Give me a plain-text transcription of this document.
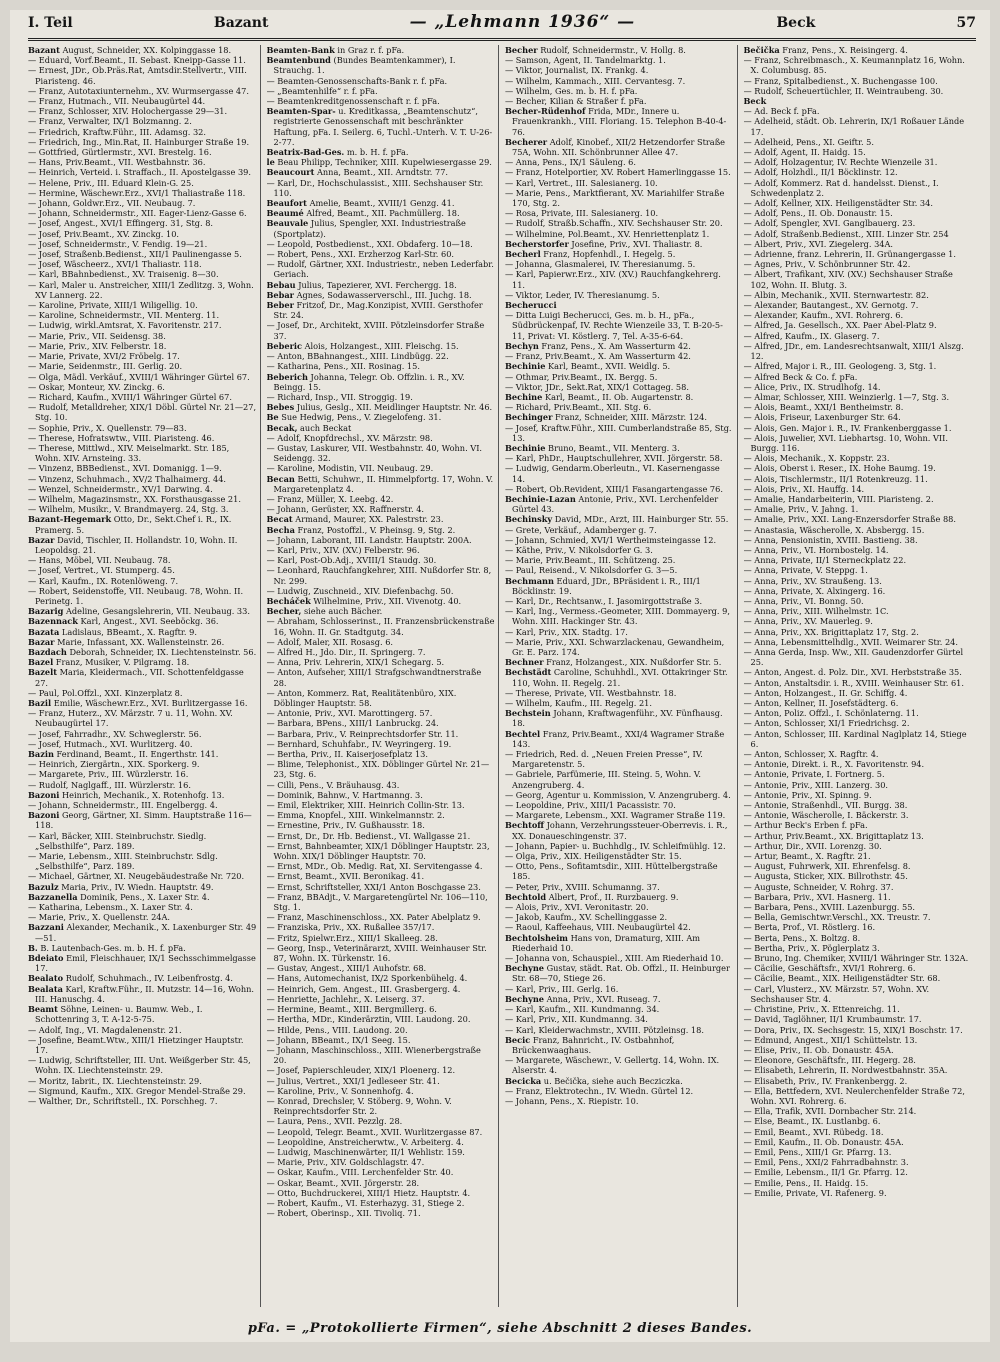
I. Teil	Bazant	— „Lehmann 1936“ —	Beck	57
Bazant August, Schneider, XX. Kolpinggasse 18.
— Eduard, Vorf.Beamt., II. Sebast. Kneipp-Gasse 11.
— Ernest, JDr., Ob.Präs.Rat, Amtsdir.Stellvertr., VIII. Piaristeng. 46.
— Franz, Autotaxiunternehm., XV. Wurmsergasse 47.
— Franz, Hutmach., VII. Neubaugürtel 44.
— Franz, Schlosser, XIV. Holochergasse 29—31.
— Franz, Verwalter, IX/1 Bolzmanng. 2.
— Friedrich, Kraftw.Führ., III. Adamsg. 32.
— Friedrich, Ing., Min.Rat, II. Hainburger Straße 19.
— Gottfried, Gürtlermstr., XVI. Brestelg. 16.
— Hans, Priv.Beamt., VII. Westbahnstr. 36.
— Heinrich, Verteid. i. Straffach., II. Apostelgasse 39.
— Helene, Priv., III. Eduard Klein-G. 25.
— Hermine, Wäschewr.Erz., XVI/1 Thaliastraße 118.
— Johann, Goldwr.Erz., VII. Neubaug. 7.
— Johann, Schneidermstr., XII. Eager-Lienz-Gasse 6.
— Josef, Angest., XVI/1 Effingerg. 31, Stg. 8.
— Josef, Priv.Beamt., XV. Zinckg. 10.
— Josef, Schneidermstr., V. Fendig. 19—21.
— Josef, Straßenb.Bedienst., XII/1 Paulinengasse 5.
— Josef, Wäscheerz., XVI/1 Thaliastr. 118.
— Karl, BBahnbedienst., XV. Traisenig. 8—30.
— Karl, Maler u. Anstreicher, XIII/1 Zedlitzg. 3, Wohn. XV Lannerg. 22.
— Karoline, Private, XIII/1 Wiligellig. 10.
— Karoline, Schneidermstr., VII. Menterg. 11.
— Ludwig, wirkl.Amtsrat, X. Favoritenstr. 217.
— Marie, Priv., VII. Seidensg. 38.
— Marie, Priv., XIV. Felberstr. 18.
— Marie, Private, XVI/2 Fröbelg. 17.
— Marie, Seidenmstr., III. Gerlig. 20.
— Olga, Mädl. Verkäuf., XVIII/1 Währinger Gürtel 67.
— Oskar, Monteur, XV. Zinckg. 6.
— Richard, Kaufm., XVIII/1 Währinger Gürtel 67.
— Rudolf, Metalldreher, XIX/1 Döbl. Gürtel Nr. 21—27, Stg. 10.
— Sophie, Priv., X. Quellenstr. 79—83.
— Therese, Hofratswtw., VIII. Piaristeng. 46.
— Therese, Mittlwd., XIV. Meiselmarkt. Str. 185, Wohn. XIV. Arnsteing. 33.
— Vinzenz, BBBedienst., XVI. Domanigg. 1—9.
— Vinzenz, Schuhmach., XV/2 Thalhaimerg. 44.
— Wenzel, Schneidermstr., XV/1 Darwing. 4.
— Wilhelm, Magazinsmstr., XX. Forsthausgasse 21.
— Wilhelm, Musikr., V. Brandmayerg. 24, Stg. 3.
Bazant-Hegemark Otto, Dr., Sekt.Chef i. R., IX. Pramerg. 5.
Bazar David, Tischler, II. Hollandstr. 10, Wohn. II. Leopoldsg. 21.
— Hans, Möbel, VII. Neubaug. 78.
— Josef, Vertret., VI. Stumperg. 45.
— Karl, Kaufm., IX. Rotenlöweng. 7.
— Robert, Seidenstoffe, VII. Neubaug. 78, Wohn. II. Perinetg. 1.
Bazarig Adeline, Gesangslehrerin, VII. Neubaug. 33.
Bazennack Karl, Angest., XVI. Seeböckg. 36.
Bazata Ladislaus, BBeamt., X. Ragftr. 9.
Bazar Marie, Infassant, XX. Wallensteinstr. 26.
Bazdach Deborah, Schneider, IX. Liechtensteinstr. 56.
Bazel Franz, Musiker, V. Pilgramg. 18.
Bazelt Maria, Kleidermach., VII. Schottenfeldgasse 27.
— Paul, Pol.Offzl., XXI. Kinzerplatz 8.
Bazil Emilie, Wäschewr.Erz., XVI. Burlitzergasse 16.
— Franz, Huterz., XV. Märzstr. 7 u. 11, Wohn. XV. Neubaugürtel 17.
— Josef, Fahrradhr., XV. Schweglerstr. 56.
— Josef, Hutmach., XVI. Wurlitzerg. 40.
Bazin Ferdinand, Beamt., II. Engerthstr. 141.
— Heinrich, Ziergärtn., XIX. Sporkerg. 9.
— Margarete, Priv., III. Würzlerstr. 16.
— Rudolf, Naglgaff., III. Würzlerstr. 16.
Bazoni Heinrich, Mechanik., X. Rotenhofg. 13.
— Johann, Schneidermstr., III. Engelbergg. 4.
Bazoni Georg, Gärtner, XI. Simm. Hauptstraße 116—118.
— Karl, Bäcker, XIII. Steinbruchstr. Siedlg. „Selbsthilfe“, Parz. 189.
— Marie, Lebensm., XIII. Steinbruchstr. Sdlg. „Selbsthilfe“, Parz. 189.
— Michael, Gärtner, XI. Neugebäudestraße Nr. 720.
Bazulz Maria, Priv., IV. Wiedn. Hauptstr. 49.
Bazzanella Dominik, Pens., X. Laxer Str. 4.
— Katharina, Lebensm., X. Laxer Str. 4.
— Marie, Priv., X. Quellenstr. 24A.
Bazzani Alexander, Mechanik., X. Laxenburger Str. 49—51.
B. B. Lautenbach-Ges. m. b. H. f. pFa.
Bdeiato Emil, Fleischhauer, IX/1 Sechsschimmelgasse 17.
Bealato Rudolf, Schuhmach., IV. Leibenfrostg. 4.
Bealata Karl, Kraftw.Führ., II. Mutzstr. 14—16, Wohn. III. Hanuschg. 4.
Beamt Söhne, Leinen- u. Baumw. Web., I. Schottenring 3, T. A-12-5-75.
— Adolf, Ing., VI. Magdalenenstr. 21.
— Josefine, Beamt.Wtw., XIII/1 Hietzinger Hauptstr. 17.
— Ludwig, Schriftsteller, III. Unt. Weißgerber Str. 45, Wohn. IX. Liechtensteinstr. 29.
— Moritz, Iabrit., IX. Liechtensteinstr. 29.
— Sigmund, Kaufm., XIX. Gregor Mendel-Straße 29.
— Walther, Dr., Schriftstell., IX. Porschheg. 7.
Beamten-Bank in Graz r. f. pFa.
Beamtenbund (Bundes Beamtenkammer), I. Strauchg. 1.
— Beamten-Genossenschafts-Bank r. f. pFa.
— „Beamtenhilfe“ r. f. pFa.
— Beamtenkreditgenossenschaft r. f. pFa.
Beamten-Spar- u. Kreditkassa, „Beamtenschutz“, registrierte Genossenschaft mit beschränkter Haftung, pFa. I. Seilerg. 6, Tuchl.-Unterh. V. T. U-26-2-77.
Beatrix-Bad-Ges. m. b. H. f. pFa.
le Beau Philipp, Techniker, XIII. Kupelwiesergasse 29.
Beaucourt Anna, Beamt., XII. Arndtstr. 77.
— Karl, Dr., Hochschulassist., XIII. Sechshauser Str. 110.
Beaufort Amelie, Beamt., XVIII/1 Genzg. 41.
Beaumé Alfred, Beamt., XII. Pachmüllerg. 18.
Beauvale Julius, Spengler, XXI. Industriestraße (Sportplatz).
— Leopold, Postbedienst., XXI. Obdaferg. 10—18.
— Robert, Pens., XXI. Erzherzog Karl-Str. 60.
— Rudolf, Gärtner, XXI. Industriestr., neben Lederfabr. Geriach.
Bebau Julius, Tapezierer, XVI. Ferchergg. 18.
Bebar Agnes, Sodawasserverschl., III. Juchg. 18.
Beber Fritzof, Dr., Mag.Konzipist, XVIII. Gersthofer Str. 24.
— Josef, Dr., Architekt, XVIII. Pötzleinsdorfer Straße 37.
Beberic Alois, Holzangest., XIII. Fleischg. 15.
— Anton, BBahnangest., XIII. Lindbügg. 22.
— Katharina, Pens., XII. Rosinag. 15.
Beberich Johanna, Telegr. Ob. Offzlin. i. R., XV. Beingg. 15.
— Richard, Insp., VII. Stroggig. 19.
Bebes Julius, Geslg., XII. Meidlinger Hauptstr. Nr. 46.
Be Sue Hedwig, Pens., V. Ziegelofeng. 31.
Becak, auch Beckat
— Adolf, Knopfdrechsl., XV. Märzstr. 98.
— Gustav, Laskurer, VII. Westbahnstr. 40, Wohn. VI. Seidengg. 32.
— Karoline, Modistin, VII. Neubaug. 29.
Becan Betti, Schuhwr., II. Himmelpfortg. 17, Wohn. V. Margaretenplatz 4.
— Franz, Müller, X. Leebg. 42.
— Johann, Gerüster, XX. Raffnerstr. 4.
Becat Armand, Maurer, XX. Palestrstr. 23.
Becha Franz, Postoffzl., V. Pheinsg. 9, Stg. 2.
— Johann, Laborant, III. Landstr. Hauptstr. 200A.
— Karl, Priv., XIV. (XV.) Felberstr. 96.
— Karl, Post-Ob.Adj., XVIII/1 Staudg. 30.
— Leonhard, Rauchfangkehrer, XIII. Nußdorfer Str. 8, Nr. 299.
— Ludwig, Zuschneid., XIV. Diefenbachg. 50.
Becháček Wilhelmine, Priv., XII. Vivenotg. 40.
Becher, siehe auch Bächer.
— Abraham, Schlosserinst., II. Franzensbrückenstraße 16, Wohn. II. Gr. Stadtgutg. 34.
— Adolf, Maler, XII. Rosasg. 6.
— Alfred H., Jdo. Dir., II. Springerg. 7.
— Anna, Priv. Lehrerin, XIX/1 Schegarg. 5.
— Anton, Aufseher, XIII/1 Strafgschwandtnerstraße 28.
— Anton, Kommerz. Rat, Realitätenbüro, XIX. Döblinger Hauptstr. 58.
— Antonie, Priv., XVI. Marottingerg. 57.
— Barbara, BPens., XIII/1 Lanbruckg. 24.
— Barbara, Priv., V. Reinprechtsdorfer Str. 11.
— Bernhard, Schuhfabr., IV. Weyringerg. 19.
— Bertha, Priv., II. Kaiserjosefplatz 13.
— Blime, Telephonist., XIX. Döblinger Gürtel Nr. 21—23, Stg. 6.
— Cilli, Pens., V. Bräuhausg. 43.
— Dominik, Bahnw., V. Hartmanng. 3.
— Emil, Elektriker, XIII. Heinrich Collin-Str. 13.
— Emma, Knopfel., XIII. Winkelmannstr. 2.
— Ernestine, Priv., IV. Gußhausstr. 18.
— Ernst, Dr., Dr. Hb. Bedienst., VI. Wallgasse 21.
— Ernst, Bahnbeamter, XIX/1 Döblinger Hauptstr. 23, Wohn. XIX/1 Döblinger Hauptstr. 70.
— Ernst, MDr., Ob. Medig. Rat, XI. Servitengasse 4.
— Ernst, Beamt., XVII. Beronikag. 41.
— Ernst, Schriftsteller, XXI/1 Anton Boschgasse 23.
— Franz, BBAdjt., V. Margaretengürtel Nr. 106—110, Stg. 1.
— Franz, Maschinenschloss., XX. Pater Abelplatz 9.
— Franziska, Priv., XX. Rußallee 357/17.
— Fritz, Spielwr.Erz., XIII/1 Skalleeg. 28.
— Georg, Insp., Veterinärarzt, XVIII. Weinhauser Str. 87, Wohn. IX. Türkenstr. 16.
— Gustav, Angest., XIII/1 Auhofstr. 68.
— Hans, Automechanist, IX/2 Sporkenbühelg. 4.
— Heinrich, Gem. Angest., III. Grasbergerg. 4.
— Henriette, Jachlehr., X. Leiserg. 37.
— Hermine, Beamt., XIII. Bergmillerg. 6.
— Hertha, MDr., Kinderärztin, VIII. Laudong. 20.
— Hilde, Pens., VIII. Laudong. 20.
— Johann, BBeamt., IX/1 Seeg. 15.
— Johann, Maschinschloss., XIII. Wienerbergstraße 20.
— Josef, Papierschleuder, XIX/1 Ploenerg. 12.
— Julius, Vertret., XXI/1 Jedleseer Str. 41.
— Karoline, Priv., V. Sonnenhofg. 4.
— Konrad, Drechsler, V. Stöberg. 9, Wohn. V. Reinprechtsdorfer Str. 2.
— Laura, Pens., XVII. Pezzlg. 28.
— Leopold, Telegr. Beamt., XVII. Wurlitzergasse 87.
— Leopoldine, Anstreicherwtw., V. Arbeiterg. 4.
— Ludwig, Maschinenwärter, II/1 Wehlistr. 159.
— Marie, Priv., XIV. Goldschlagstr. 47.
— Oskar, Kaufm., VIII. Lerchenfelder Str. 40.
— Oskar, Beamt., XVII. Jörgerstr. 28.
— Otto, Buchdruckerei, XIII/1 Hietz. Hauptstr. 4.
— Robert, Kaufm., VI. Esterhazyg. 31, Stiege 2.
— Robert, Oberinsp., XII. Tivoliq. 71.
Becher Rudolf, Schneidermstr., V. Hollg. 8.
— Samson, Agent, II. Tandelmarktg. 1.
— Viktor, Journalist, IX. Frankg. 4.
— Wilhelm, Kammach., XIII. Cervantesg. 7.
— Wilhelm, Ges. m. b. H. f. pFa.
— Becher, Kilian & Straßer f. pFa.
Becher-Rüdenhof Frida, MDr., Innere u. Frauenkrankh., VIII. Floriang. 15. Telephon B-40-4-76.
Becherer Adolf, Kinobef., XII/2 Hetzendorfer Straße 75A, Wohn. XII. Schönbrunner Allee 47.
— Anna, Pens., IX/1 Säuleng. 6.
— Franz, Hotelportier, XV. Robert Hamerlinggasse 15.
— Karl, Vertret., III. Salesianerg. 10.
— Marie, Pens., Marktfierant, XV. Mariahilfer Straße 170, Stg. 2.
— Rosa, Private, III. Salesianerg. 10.
— Rudolf, Straßb.Schaffn., XIV. Sechshauser Str. 20.
— Wilhelmine, Pol.Beamt., XV. Henriettenplatz 1.
Becherstorfer Josefine, Priv., XVI. Thaliastr. 8.
Becherl Franz, Hopfenhdl., I. Hegelg. 5.
— Johanna, Glasmalerei, IV. Theresianumg. 5.
— Karl, Papierwr.Erz., XIV. (XV.) Rauchfangkehrerg. 11.
— Viktor, Leder, IV. Theresianumg. 5.
Becherucci
— Ditta Luigi Becherucci, Ges. m. b. H., pFa., Südbrückenpaf, IV. Rechte Wienzeile 33, T. B-20-5-11, Privat: VI. Köstlerg. 7, Tel. A-35-6-64.
Bechyn Franz, Pens., X. Am Wasserturm 42.
— Franz, Priv.Beamt., X. Am Wasserturm 42.
Bechinie Karl, Beamt., XVII. Weidlg. 5.
— Othmar, Priv.Beamt., IX. Bergg. 5.
— Viktor, JDr., Sekt.Rat, XIX/1 Cottageg. 58.
Bechine Karl, Beamt., II. Ob. Augartenstr. 8.
— Richard, Priv.Beamt., XII. Stg. 6.
Bechinger Franz, Schneider, XIII. Märzstr. 124.
— Josef, Kraftw.Führ., XIII. Cumberlandstraße 85, Stg. 13.
Bechinie Bruno, Beamt., VII. Menterg. 3.
— Karl, PhDr., Hauptschullehrer, XVII. Jörgerstr. 58.
— Ludwig, Gendarm.Oberleutn., VI. Kasernengasse 14.
— Robert, Ob.Revident, XIII/1 Fasangartengasse 76.
Bechinie-Lazan Antonie, Priv., XVI. Lerchenfelder Gürtel 43.
Bechinsky David, MDr., Arzt, III. Hainburger Str. 55.
— Grete, Verkäuf., Adamberger g. 7.
— Johann, Schmied, XVI/1 Wertheimsteingasse 12.
— Käthe, Priv., V. Nikolsdorfer G. 3.
— Marie, Priv.Beamt., III. Schützeng. 25.
— Paul, Reisend., V. Nikolsdorfer G. 3—5.
Bechmann Eduard, JDr., BPräsident i. R., III/1 Böcklinstr. 19.
— Karl, Dr., Rechtsanw., I. Jasomirgottstraße 3.
— Karl, Ing., Vermess.-Geometer, XIII. Dommayerg. 9, Wohn. XIII. Hackinger Str. 43.
— Karl, Priv., XIX. Stadtg. 17.
— Marie, Priv., XXI. Schwarzlackenau, Gewandheim, Gr. E. Parz. 174.
Bechner Franz, Holzangest., XIX. Nußdorfer Str. 5.
Bechstädt Caroline, Schuhhdl., XVI. Ottakringer Str. 110, Wohn. II. Regelg. 21.
— Therese, Private, VII. Westbahnstr. 18.
— Wilhelm, Kaufm., III. Regelg. 21.
Bechstein Johann, Kraftwagenführ., XV. Fünfhausg. 18.
Bechtel Franz, Priv.Beamt., XXI/4 Wagramer Straße 143.
— Friedrich, Red. d. „Neuen Freien Presse“, IV. Margaretenstr. 5.
— Gabriele, Parfümerie, III. Steing. 5, Wohn. V. Anzengruberg. 4.
— Georg, Agentur u. Kommission, V. Anzengruberg. 4.
— Leopoldine, Priv., XIII/1 Pacassistr. 70.
— Margarete, Lebensm., XXI. Wagramer Straße 119.
Bechtoff Johann, Verzehrungssteuer-Oberrevis. i. R., XX. Donaueschingenstr. 37.
— Johann, Papier- u. Buchhdlg., IV. Schleifmühlg. 12.
— Olga, Priv., XIX. Heiligenstädter Str. 15.
— Otto, Pens., Sofitamtsdir., XIII. Hüttelbergstraße 185.
— Peter, Priv., XVIII. Schumanng. 37.
Bechtold Albert, Prof., II. Rurzbauerg. 9.
— Alois, Priv., XVI. Veronitastr. 20.
— Jakob, Kaufm., XV. Schellinggasse 2.
— Raoul, Kaffeehaus, VIII. Neubaugürtel 42.
Bechtolsheim Hans von, Dramaturg, XIII. Am Riederhaid 10.
— Johanna von, Schauspiel., XIII. Am Riederhaid 10.
Bechyne Gustav, städt. Rat. Ob. Offzl., II. Heinburger Str. 68—70, Stiege 26.
— Karl, Priv., III. Gerlg. 16.
Bechyne Anna, Priv., XVI. Ruseag. 7.
— Karl, Kaufm., XII. Kundmanng. 34.
— Karl, Priv., XII. Kundmanng. 34.
— Karl, Kleiderwachmstr., XVIII. Pötzleinsg. 18.
Becic Franz, Bahnricht., IV. Ostbahnhof, Brückenwaaghaus.
— Margarete, Wäschewr., V. Gellertg. 14, Wohn. IX. Alserstr. 4.
Becicka u. Bečička, siehe auch Becziczka.
— Franz, Elektrotechn., IV. Wiedn. Gürtel 12.
— Johann, Pens., X. Riepistr. 10.
Bečička Franz, Pens., X. Reisingerg. 4.
— Franz, Schreibmasch., X. Keumannplatz 16, Wohn. X. Columbusg. 85.
— Franz, Spitalbedienst., X. Buchengasse 100.
— Rudolf, Scheuertüchler, II. Weintraubeng. 30.
Beck
— Ad. Beck f. pFa.
— Adelheid, städt. Ob. Lehrerin, IX/1 Roßauer Lände 17.
— Adelheid, Pens., XI. Geiftr. 5.
— Adolf, Agent, II. Haidg. 15.
— Adolf, Holzagentur, IV. Rechte Wienzeile 31.
— Adolf, Holzhdl., II/1 Böcklinstr. 12.
— Adolf, Kommerz. Rat d. handelsst. Dienst., I. Schwedenplatz 2.
— Adolf, Kellner, XIX. Heiligenstädter Str. 34.
— Adolf, Pens., II. Ob. Donaustr. 15.
— Adolf, Spengler, XVI. Ganglbauerg. 23.
— Adolf, Straßenb.Bedienst., XIII. Linzer Str. 254
— Albert, Priv., XVI. Ziegelerg. 34A.
— Adrienne, franz. Lehrerin, II. Grünangergasse 1.
— Agnes, Priv., V. Schönbrunner Str. 42.
— Albert, Trafikant, XIV. (XV.) Sechshauser Straße 102, Wohn. II. Blutg. 3.
— Albin, Mechanik., XVII. Sternwartestr. 82.
— Alexander, Bautangest., XV. Gernotg. 7.
— Alexander, Kaufm., XVI. Rohrerg. 6.
— Alfred, Ja. Gesellsch., XX. Paer Abel-Platz 9.
— Alfred, Kaufm., IX. Glaserg. 7.
— Alfred, JDr., em. Landesrechtsanwalt, XIII/1 Alszg. 12.
— Alfred, Major i. R., III. Geologeng. 3, Stg. 1.
— Alfred Beck & Co. f. pFa.
— Alice, Priv., IX. Strudlhofg. 14.
— Almar, Schlosser, XIII. Weinzierlg. 1—7, Stg. 3.
— Alois, Beamt., XXI/1 Bentheimstr. 8.
— Alois, Friseur, Laxenburger Str. 64.
— Alois, Gen. Major i. R., IV. Frankenberggasse 1.
— Alois, Juwelier, XVI. Liebhartsg. 10, Wohn. VII. Burgg. 116.
— Alois, Mechanik., X. Koppstr. 23.
— Alois, Oberst i. Reser., IX. Hohe Baumg. 19.
— Alois, Tischlermstr., II/1 Rotenkreuzg. 11.
— Alois, Priv., XI. Hauffg. 14.
— Amalie, Handarbeiterin, VIII. Piaristeng. 2.
— Amalie, Priv., V. Jahng. 1.
— Amalie, Priv., XXI. Lang-Enzersdorfer Straße 88.
— Anastasia, Wäscherolle, X. Absbergg. 15.
— Anna, Pensionistin, XVIII. Bastieng. 38.
— Anna, Priv., VI. Hornbostelg. 14.
— Anna, Private, II/1 Sterneckplatz 22.
— Anna, Private, V. Steppg. 1.
— Anna, Priv., XV. Straußeng. 13.
— Anna, Private, X. Alxingerg. 16.
— Anna, Priv., VI. Bonng. 50.
— Anna, Priv., XIII. Wilhelmstr. 1C.
— Anna, Priv., XV. Mauerleg. 9.
— Anna, Priv., XX. Brigittaplatz 17, Stg. 2.
— Anna, Lebensmittelhdlg., XVII. Weimarer Str. 24.
— Anna Gerda, Insp. Ww., XII. Gaudenzdorfer Gürtel 25.
— Anton, Angest. d. Polz. Dir., XVI. Herbststraße 35.
— Anton, Anstaltsdir. i. R., XVIII. Weinhauser Str. 61.
— Anton, Holzangest., II. Gr. Schiffg. 4.
— Anton, Kellner, II. Josefstädterg. 6.
— Anton, Poliz. Offzl., I. Schönlaterng. 11.
— Anton, Schlosser, XI/1 Friedrichsg. 2.
— Anton, Schlosser, III. Kardinal Naglplatz 14, Stiege 6.
— Anton, Schlosser, X. Ragftr. 4.
— Antonie, Direkt. i. R., X. Favoritenstr. 94.
— Antonie, Private, I. Fortnerg. 5.
— Antonie, Priv., XIII. Lanzerg. 30.
— Antonie, Priv., XI. Spinng. 9.
— Antonie, Straßenhdl., VII. Burgg. 38.
— Antonie, Wäscherolle, I. Bäckerstr. 3.
— Arthur Beck's Erben f. pFa.
— Arthur, Priv.Beamt., XX. Brigittaplatz 13.
— Arthur, Dir., XVII. Lorenzg. 30.
— Artur, Beamt., X. Ragftr. 21.
— August, Fuhrwerk, XII. Ehrenfelsg. 8.
— Augusta, Sticker, XIX. Billrothstr. 45.
— Auguste, Schneider, V. Rohrg. 37.
— Barbara, Priv., XVI. Hasnerg. 11.
— Barbara, Pens., XVIII. Lazenburgg. 55.
— Bella, Gemischtwr.Verschl., XX. Treustr. 7.
— Berta, Prof., VI. Röstlerg. 16.
— Berta, Pens., X. Boltzg. 8.
— Bertha, Priv., X. Pöglerplatz 3.
— Bruno, Ing. Chemiker, XVIII/1 Währinger Str. 132A.
— Cäcilie, Geschäftsfr., XVI/1 Rohrerg. 6.
— Cäcilie, Beamt., XIX. Heiligenstädter Str. 68.
— Carl, Vlusterz., XV. Märzstr. 57, Wohn. XV. Sechshauser Str. 4.
— Christine, Priv., X. Ettenreichg. 11.
— David, Taglöhner, II/1 Krumbaumstr. 17.
— Dora, Priv., IX. Sechsgestr. 15, XIX/1 Boschstr. 17.
— Edmund, Angest., XII/1 Schüttelstr. 13.
— Elise, Priv., II. Ob. Donaustr. 45A.
— Eleonore, Geschäftsfr., III. Hegerg. 28.
— Elisabeth, Lehrerin, II. Nordwestbahnstr. 35A.
— Elisabeth, Priv., IV. Frankenbergg. 2.
— Ella, Bettfedern, XVI. Neulerchenfelder Straße 72, Wohn. XVI. Rohrerg. 6.
— Ella, Trafik, XVII. Dornbacher Str. 214.
— Else, Beamt., IX. Lustlanbg. 6.
— Emil, Beamt., XVI. Rübedg. 18.
— Emil, Kaufm., II. Ob. Donaustr. 45A.
— Emil, Pens., XIII/1 Gr. Pfarrg. 13.
— Emil, Pens., XXI/2 Fahrradbahnstr. 3.
— Emilie, Lebensm., II/1 Gr. Pfarrg. 12.
— Emilie, Pens., II. Haidg. 15.
— Emilie, Private, VI. Rafenerg. 9.
pFa. = „Protokollierte Firmen“, siehe Abschnitt 2 dieses Bandes.
